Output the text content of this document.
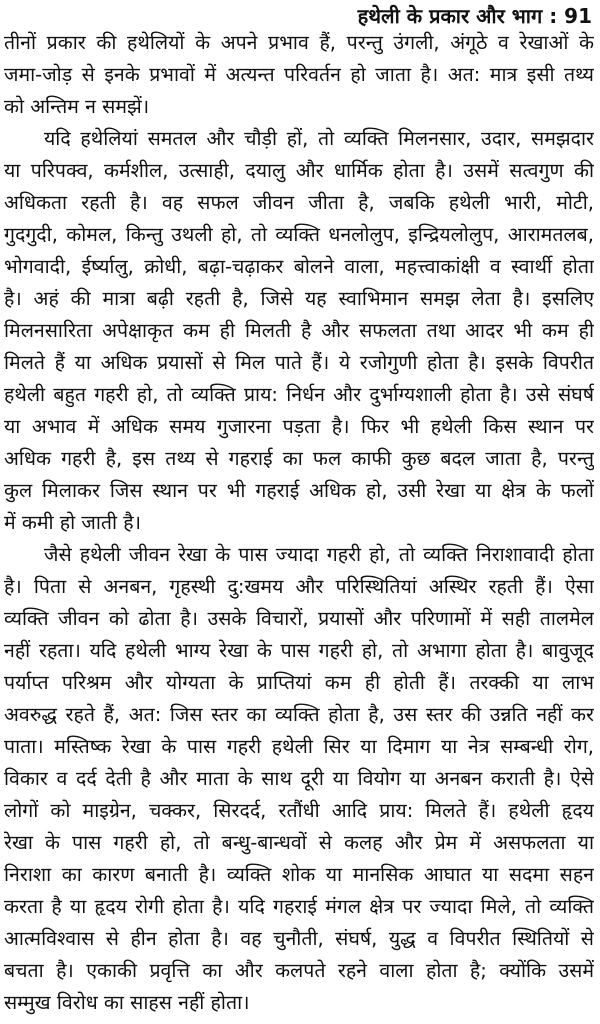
हथेली के प्रकार और भाग : 91
तीनों प्रकार की हथेलियों के अपने प्रभाव हैं, परन्तु उंगली, अंगूठे व रेखाओं के
जमा-जोड़ से इनके प्रभावों में अत्यन्त परिवर्तन हो जाता है। अत: मात्र इसी तथ्य
को अन्तिम न समझें।
यदि हथेलियां समतल और चौड़ी हों, तो व्यक्ति मिलनसार, उदार, समझदार
या परिपक्व, कर्मशील, उत्साही, दयालु और धार्मिक होता है। उसमें सत्वगुण की
अधिकता रहती है। वह सफल जीवन जीता है, जबकि हथेली भारी, मोटी,
गुदगुदी, कोमल, किन्तु उथली हो, तो व्यक्ति धनलोलुप, इन्द्रियलोलुप, आरामतलब,
भोगवादी, ईर्ष्यालु, क्रोधी, बढ़ा-चढ़ाकर बोलने वाला, महत्त्वाकांक्षी व स्वार्थी होता
है। अहं की मात्रा बढ़ी रहती है, जिसे यह स्वाभिमान समझ लेता है। इसलिए
मिलनसारिता अपेक्षाकृत कम ही मिलती है और सफलता तथा आदर भी कम ही
मिलते हैं या अधिक प्रयासों से मिल पाते हैं। ये रजोगुणी होता है। इसके विपरीत
हथेली बहुत गहरी हो, तो व्यक्ति प्राय: निर्धन और दुर्भाग्यशाली होता है। उसे संघर्ष
या अभाव में अधिक समय गुजारना पड़ता है। फिर भी हथेली किस स्थान पर
अधिक गहरी है, इस तथ्य से गहराई का फल काफी कुछ बदल जाता है, परन्तु
कुल मिलाकर जिस स्थान पर भी गहराई अधिक हो, उसी रेखा या क्षेत्र के फलों
में कमी हो जाती है।
जैसे हथेली जीवन रेखा के पास ज्यादा गहरी हो, तो व्यक्ति निराशावादी होता
है। पिता से अनबन, गृहस्थी दु:खमय और परिस्थितियां अस्थिर रहती हैं। ऐसा
व्यक्ति जीवन को ढोता है। उसके विचारों, प्रयासों और परिणामों में सही तालमेल
नहीं रहता। यदि हथेली भाग्य रेखा के पास गहरी हो, तो अभागा होता है। बावुजूद
पर्याप्त परिश्रम और योग्यता के प्राप्तियां कम ही होती हैं। तरक्की या लाभ
अवरुद्ध रहते हैं, अत: जिस स्तर का व्यक्ति होता है, उस स्तर की उन्नति नहीं कर
पाता। मस्तिष्क रेखा के पास गहरी हथेली सिर या दिमाग या नेत्र सम्बन्धी रोग,
विकार व दर्द देती है और माता के साथ दूरी या वियोग या अनबन कराती है। ऐसे
लोगों को माइग्रेन, चक्कर, सिरदर्द, रतौंधी आदि प्राय: मिलते हैं। हथेली हृदय
रेखा के पास गहरी हो, तो बन्धु-बान्धवों से कलह और प्रेम में असफलता या
निराशा का कारण बनाती है। व्यक्ति शोक या मानसिक आघात या सदमा सहन
करता है या हृदय रोगी होता है। यदि गहराई मंगल क्षेत्र पर ज्यादा मिले, तो व्यक्ति
आत्मविश्वास से हीन होता है। वह चुनौती, संघर्ष, युद्ध व विपरीत स्थितियों से
बचता है। एकाकी प्रवृत्ति का और कलपते रहने वाला होता है; क्योंकि उसमें
सम्मुख विरोध का साहस नहीं होता।
